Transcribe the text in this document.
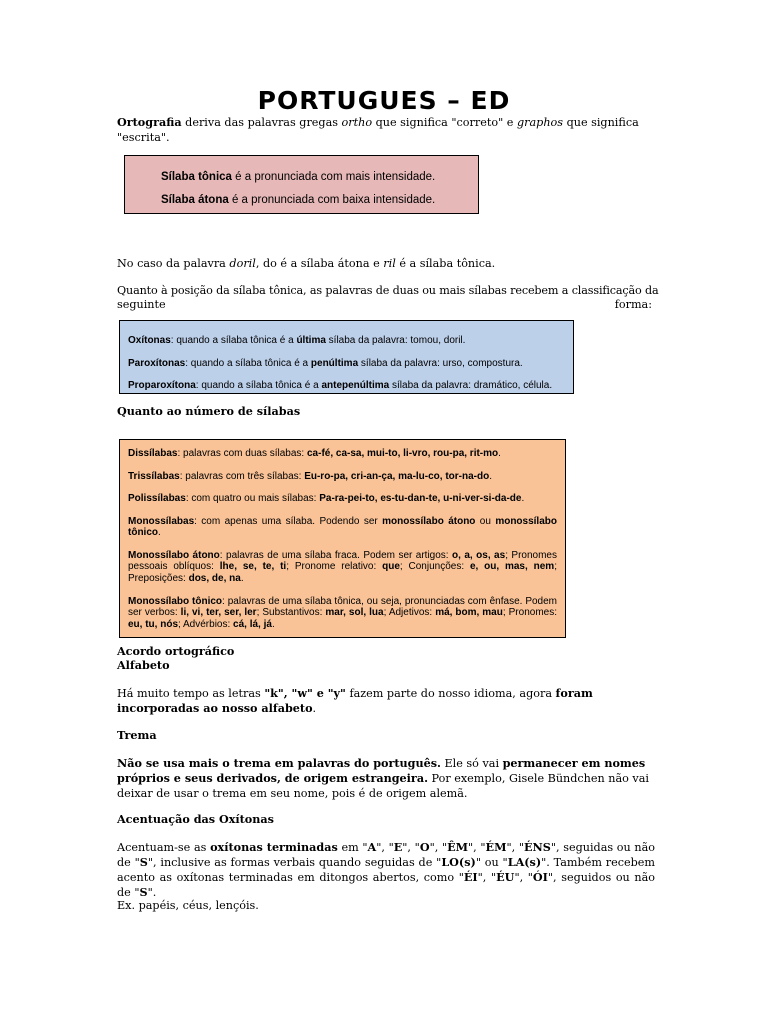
PORTUGUES – ED
Ortografia deriva das palavras gregas ortho que significa "correto" e graphos que significa "escrita".
Sílaba tônica é a pronunciada com mais intensidade.
Sílaba átona é a pronunciada com baixa intensidade.
No caso da palavra doril, do é a sílaba átona e ril é a sílaba tônica.
Quanto à posição da sílaba tônica, as palavras de duas ou mais sílabas recebem a classificação da
seguinte	forma:
Oxítonas: quando a sílaba tônica é a última sílaba da palavra: tomou, doril.
Paroxítonas: quando a sílaba tônica é a penúltima sílaba da palavra: urso, compostura.
Proparoxítona: quando a sílaba tônica é a antepenúltima sílaba da palavra: dramático, célula.
Quanto ao número de sílabas

Dissílabas: palavras com duas sílabas: ca-fé, ca-sa, mui-to, li-vro, rou-pa, rit-mo.

Trissílabas: palavras com três sílabas: Eu-ro-pa, cri-an-ça, ma-lu-co, tor-na-do.

Polissílabas: com quatro ou mais sílabas: Pa-ra-pei-to, es-tu-dan-te, u-ni-ver-si-da-de.

Monossílabas: com apenas uma sílaba. Podendo ser monossílabo átono ou monossílabo tônico.

Monossílabo átono: palavras de uma sílaba fraca. Podem ser artigos: o, a, os, as; Pronomes pessoais oblíquos: lhe, se, te, ti; Pronome relativo: que; Conjunções: e, ou, mas, nem; Preposições: dos, de, na.

Monossílabo tônico: palavras de uma sílaba tônica, ou seja, pronunciadas com ênfase. Podem ser verbos: li, vi, ter, ser, ler; Substantivos: mar, sol, lua; Adjetivos: má, bom, mau; Pronomes: eu, tu, nós; Advérbios: cá, lá, já.

Acordo ortográfico
Alfabeto
Há muito tempo as letras "k", "w" e "y" fazem parte do nosso idioma, agora foram incorporadas ao nosso alfabeto.
Trema
Não se usa mais o trema em palavras do português. Ele só vai permanecer em nomes próprios e seus derivados, de origem estrangeira. Por exemplo, Gisele Bündchen não vai deixar de usar o trema em seu nome, pois é de origem alemã.
Acentuação das Oxítonas
Acentuam-se as oxítonas terminadas em "A", "E", "O", "ÊM", "ÉM", "ÉNS", seguidas ou não de "S", inclusive as formas verbais quando seguidas de "LO(s)" ou "LA(s)". Também recebem acento as oxítonas terminadas em ditongos abertos, como "ÉI", "ÉU", "ÓI", seguidos ou não de "S".
Ex. papéis, céus, lençóis.
